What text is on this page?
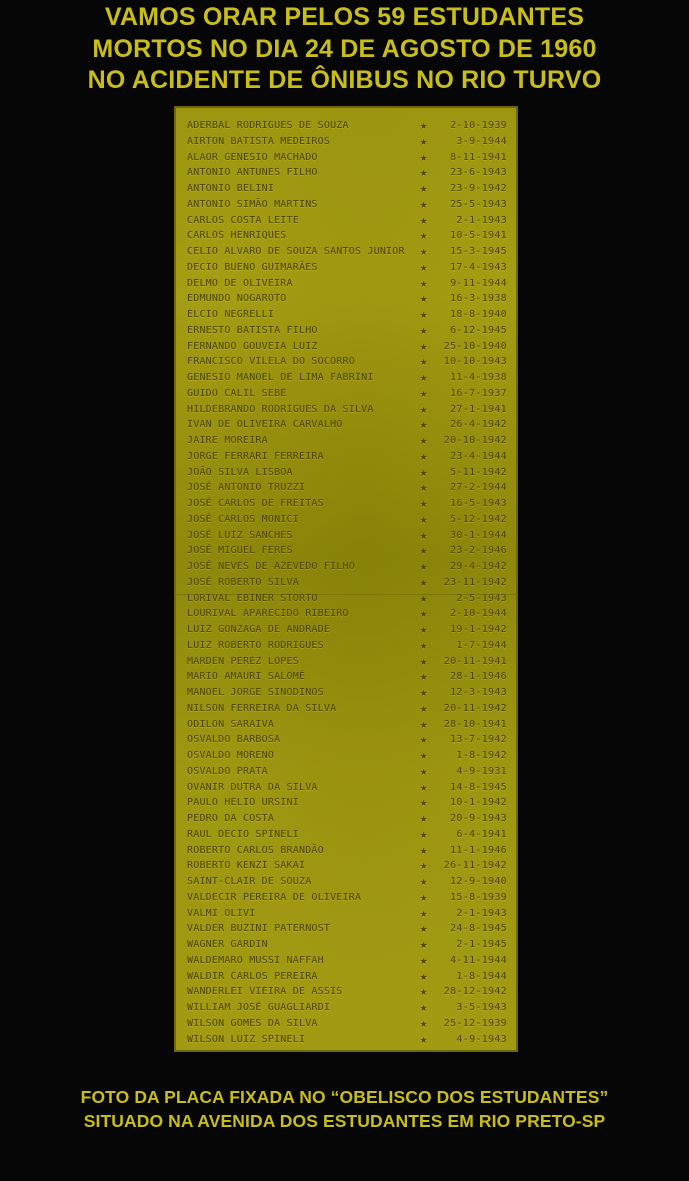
VAMOS ORAR PELOS 59 ESTUDANTES
MORTOS NO DIA 24 DE AGOSTO DE 1960
NO ACIDENTE DE ÔNIBUS NO RIO TURVO
ADERBAL RODRIGUES DE SOUZA	★ 2-10-1939
AIRTON BATISTA MEDEIROS	★	3-9-1944
ALAOR GENESIO MACHADO	★ 8-11-1941
ANTONIO ANTUNES FILHO	★ 23-6-1943
ANTONIO BELINI	★ 23-9-1942
ANTONIO SIMÃO MARTINS	★ 25-5-1943
CARLOS COSTA LEITE	★	2-1-1943
CARLOS HENRIQUES	★ 10-5-1941
CELIO ALVARO DE SOUZA SANTOS JUNIOR ★ 15-3-1945
DECIO BUENO GUIMARÃES	★ 17-4-1943
DELMO DE OLIVEIRA	★ 9-11-1944
EDMUNDO NOGAROTO	★ 16-3-1938
ELCIO NEGRELLI	★ 18-8-1940
ERNESTO BATISTA FILHO	★ 6-12-1945
FERNANDO GOUVEIA LUIZ	★ 25-10-1940
FRANCISCO VILELA DO SOCORRO	★ 10-10-1943
GENESIO MANOEL DE LIMA FABRINI	★ 11-4-1938
GUIDO CALIL SEBE	★ 16-7-1937
HILDEBRANDO RODRIGUES DA SILVA	★ 27-1-1941
IVAN DE OLIVEIRA CARVALHO	★ 26-4-1942
JAIRE MOREIRA	★ 20-10-1942
JORGE FERRARI FERREIRA	★ 23-4-1944
JOÃO SILVA LISBOA	★ 5-11-1942
JOSÉ ANTONIO TRUZZI	★ 27-2-1944
JOSÉ CARLOS DE FREITAS	★ 16-5-1943
JOSÉ CARLOS MONICI	★ 5-12-1942
JOSÉ LUIZ SANCHES	★ 30-1-1944
JOSÉ MIGUEL FERES	★ 23-2-1946
JOSÉ NEVES DE AZEVEDO FILHO	★ 29-4-1942
JOSÉ ROBERTO SILVA	★ 23-11-1942
LORIVAL EBINER STORTO	★	2-5-1943
LOURIVAL APARECIDO RIBEIRO	★ 2-10-1944
LUIZ GONZAGA DE ANDRADE	★ 19-1-1942
LUIZ ROBERTO RODRIGUES	★	1-7-1944
MARDEN PEREZ LOPES	★ 20-11-1941
MARIO AMAURI SALOMÉ	★ 28-1-1946
MANOEL JORGE SINODINOS	★ 12-3-1943
NILSON FERREIRA DA SILVA	★ 20-11-1942
ODILON SARAIVA	★ 28-10-1941
OSVALDO BARBOSA	★ 13-7-1942
OSVALDO MORENO	★	1-8-1942
OSVALDO PRATA	★	4-9-1931
OVANIR DUTRA DA SILVA	★ 14-8-1945
PAULO HELIO URSINI	★ 10-1-1942
PEDRO DA COSTA	★ 20-9-1943
RAUL DECIO SPINELI	★	6-4-1941
ROBERTO CARLOS BRANDÃO	★ 11-1-1946
ROBERTO KENZI SAKAI	★ 26-11-1942
SAINT-CLAIR DE SOUZA	★ 12-9-1940
VALDECIR PEREIRA DE OLIVEIRA	★ 15-8-1939
VALMI OLIVI	★	2-1-1943
VALDER BUZINI PATERNOST	★ 24-8-1945
WAGNER GARDIN	★	2-1-1945
WALDEMARO MUSSI NAFFAH	★ 4-11-1944
WALDIR CARLOS PEREIRA	★	1-8-1944
WANDERLEI VIEIRA DE ASSIS	★ 28-12-1942
WILLIAM JOSÉ GUAGLIARDI	★	3-5-1943
WILSON GOMES DA SILVA	★ 25-12-1939
WILSON LUIZ SPINELI	★	4-9-1943
FOTO DA PLACA FIXADA NO “OBELISCO DOS ESTUDANTES”
SITUADO NA AVENIDA DOS ESTUDANTES EM RIO PRETO-SP
